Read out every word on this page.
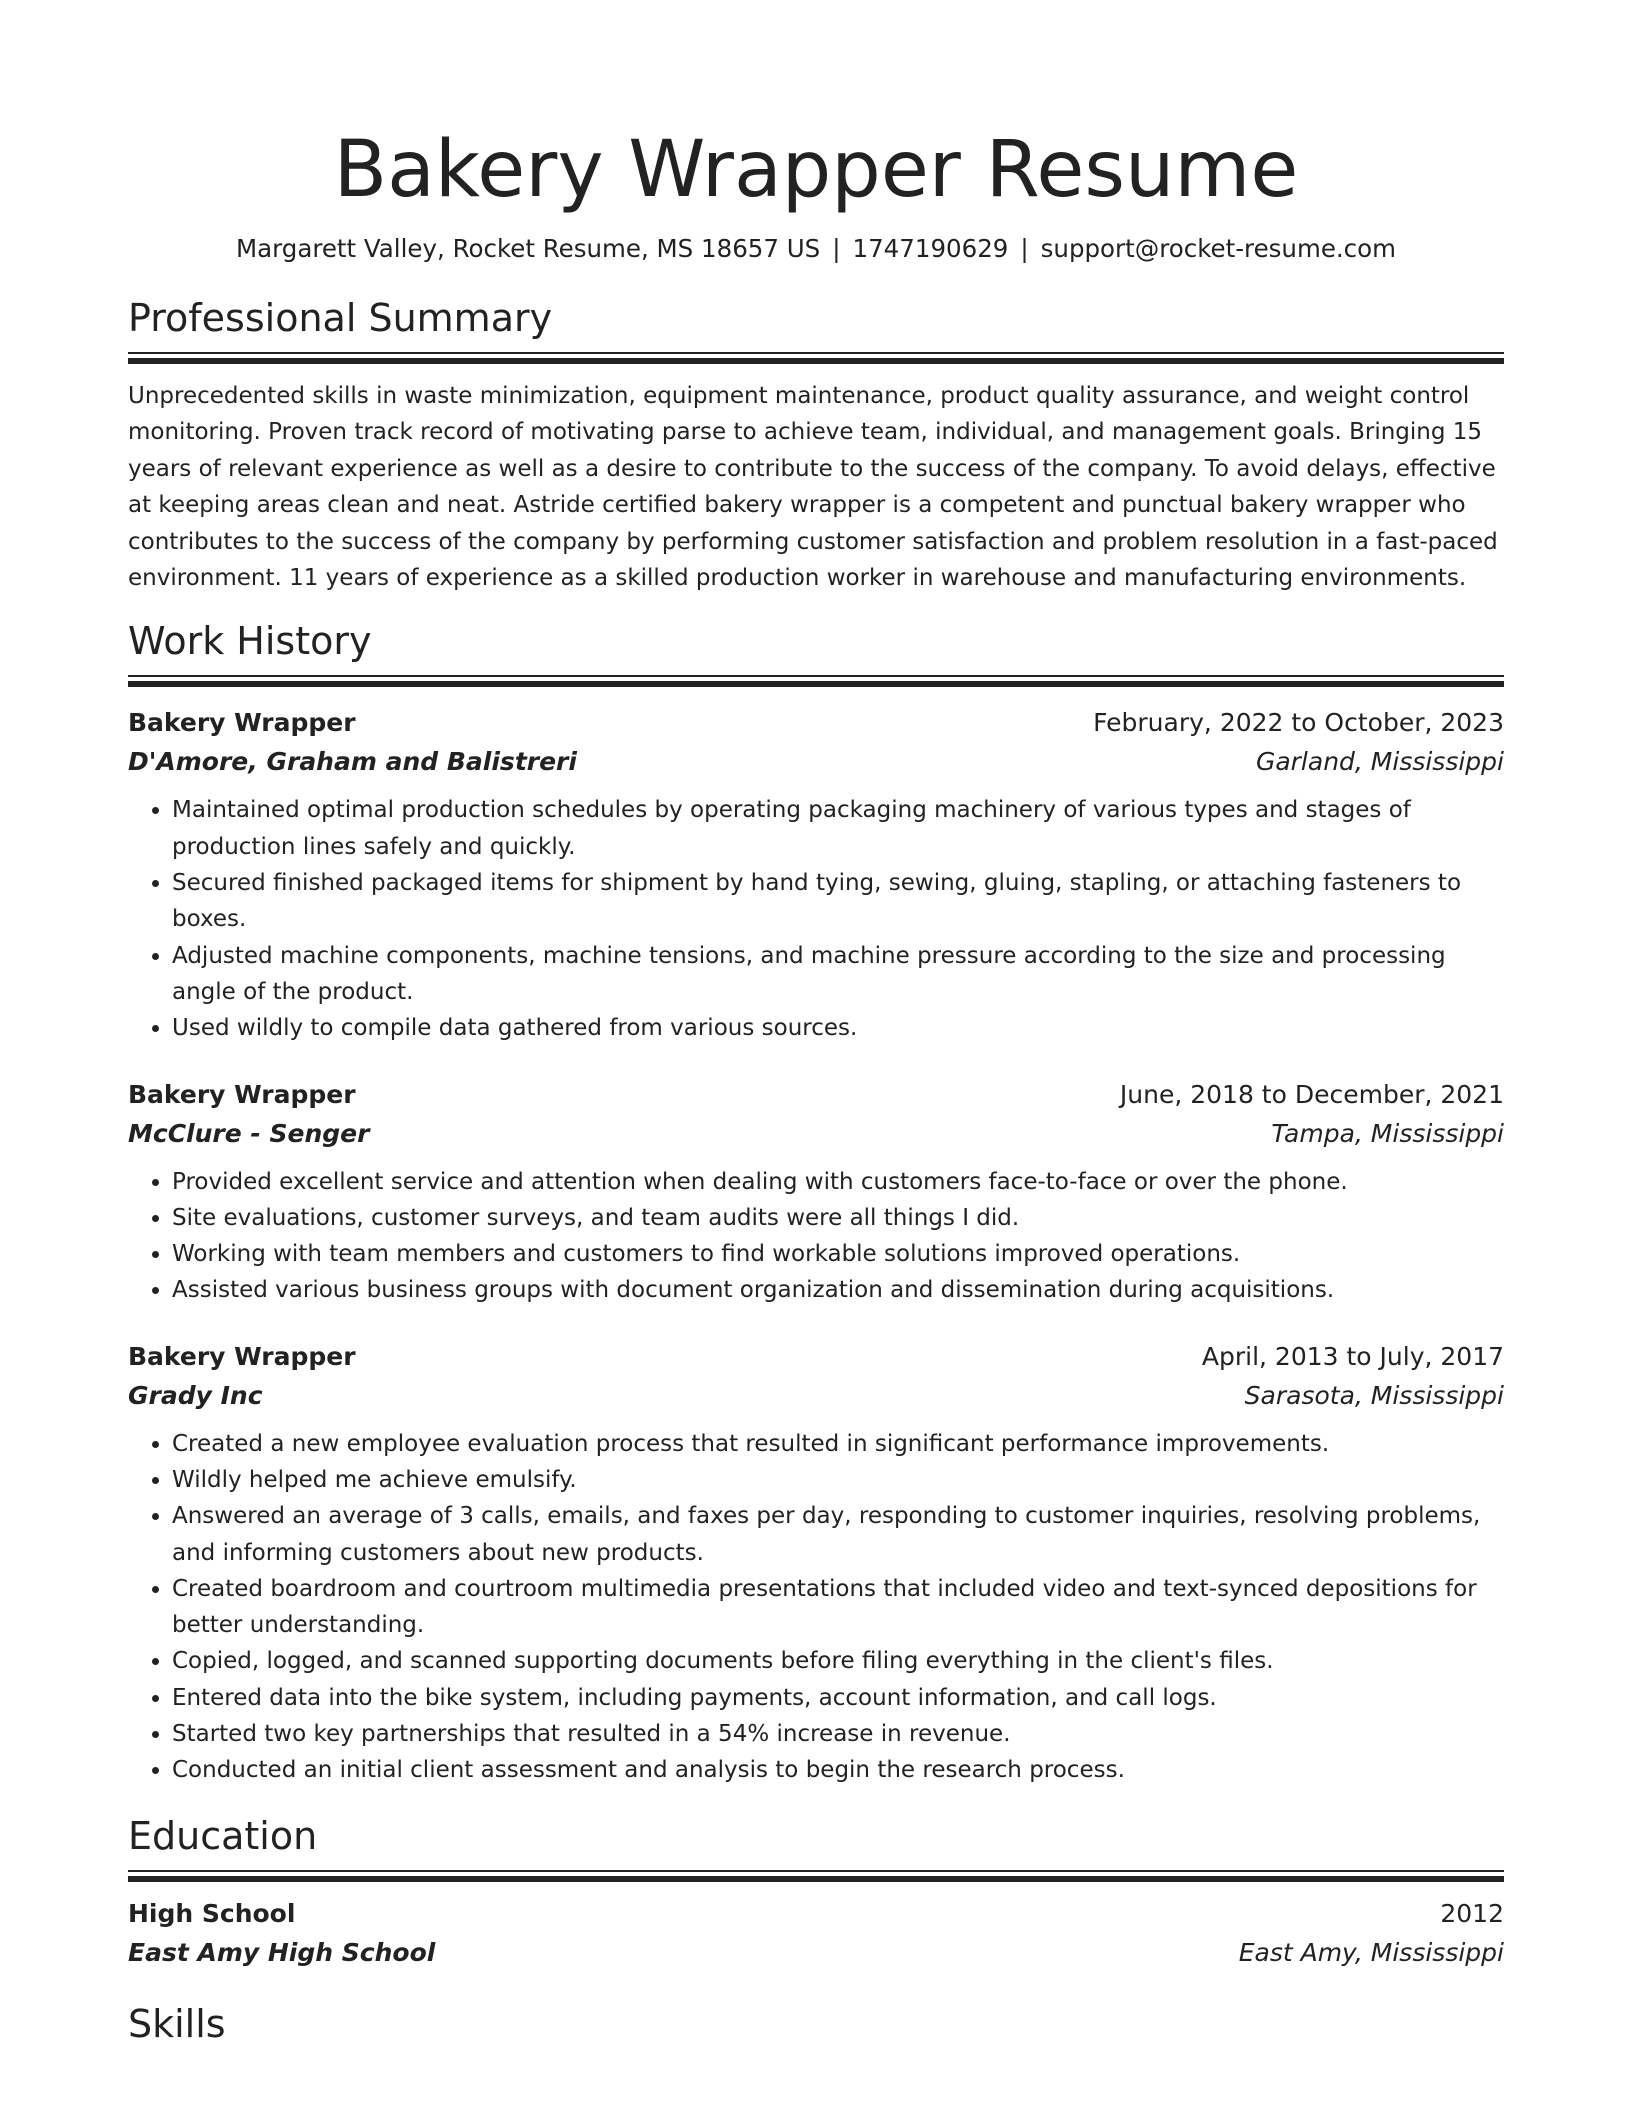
Bakery Wrapper Resume
Margarett Valley, Rocket Resume, MS 18657 US | 1747190629 | support@rocket-resume.com
Professional Summary

Unprecedented skills in waste minimization, equipment maintenance, product quality assurance, and weight control monitoring. Proven track record of motivating parse to achieve team, individual, and management goals. Bringing 15 years of relevant experience as well as a desire to contribute to the success of the company. To avoid delays, effective at keeping areas clean and neat. Astride certified bakery wrapper is a competent and punctual bakery wrapper who contributes to the success of the company by performing customer satisfaction and problem resolution in a fast-paced environment. 11 years of experience as a skilled production worker in warehouse and manufacturing environments.

Work History
Bakery Wrapper	February, 2022 to October, 2023
D'Amore, Graham and Balistreri	Garland, Mississippi
• Maintained optimal production schedules by operating packaging machinery of various types and stages of production lines safely and quickly.
• Secured finished packaged items for shipment by hand tying, sewing, gluing, stapling, or attaching fasteners to boxes.
• Adjusted machine components, machine tensions, and machine pressure according to the size and processing angle of the product.
• Used wildly to compile data gathered from various sources.
Bakery Wrapper	June, 2018 to December, 2021
McClure - Senger	Tampa, Mississippi
• Provided excellent service and attention when dealing with customers face-to-face or over the phone.
• Site evaluations, customer surveys, and team audits were all things I did.
• Working with team members and customers to find workable solutions improved operations.
• Assisted various business groups with document organization and dissemination during acquisitions.
Bakery Wrapper	April, 2013 to July, 2017
Grady Inc	Sarasota, Mississippi
• Created a new employee evaluation process that resulted in significant performance improvements.
• Wildly helped me achieve emulsify.
• Answered an average of 3 calls, emails, and faxes per day, responding to customer inquiries, resolving problems, and informing customers about new products.
• Created boardroom and courtroom multimedia presentations that included video and text-synced depositions for better understanding.
• Copied, logged, and scanned supporting documents before filing everything in the client's files.
• Entered data into the bike system, including payments, account information, and call logs.
• Started two key partnerships that resulted in a 54% increase in revenue.
• Conducted an initial client assessment and analysis to begin the research process.
Education
High School	2012
East Amy High School	East Amy, Mississippi
Skills
